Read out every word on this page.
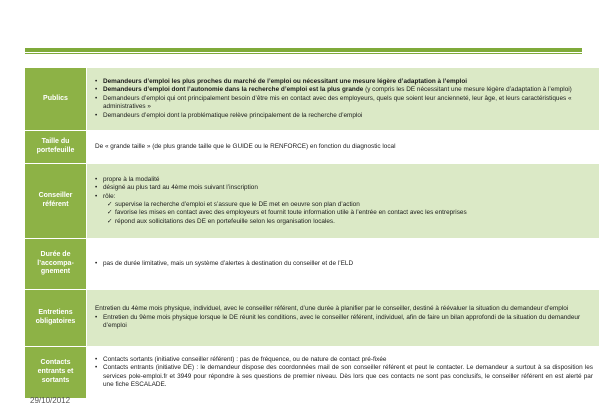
Publics
• Demandeurs d’emploi les plus proches du marché de l’emploi ou nécessitant une mesure légère d’adaptation à l’emploi
• Demandeurs d’emploi dont l’autonomie dans la recherche d’emploi est la plus grande (y compris les DE nécessitant une mesure légère d’adaptation à l’emploi)
• Demandeurs d’emploi qui ont principalement besoin d’être mis en contact avec des employeurs, quels que soient leur ancienneté, leur âge, et leurs caractéristiques « administratives »
• Demandeurs d’emploi dont la problématique relève principalement de la recherche d’emploi
Taille du portefeuille
De « grande taille » (de plus grande taille que le GUIDE ou le RENFORCE) en fonction du diagnostic local
Conseiller référent
• propre à la modalité
• désigné au plus tard au 4ème mois suivant l’inscription
• rôle:
✓ supervise la recherche d’emploi et s’assure que le DE met en oeuvre son plan d’action
✓ favorise les mises en contact avec des employeurs et fournit toute information utile à l’entrée en contact avec les entreprises
✓ répond aux sollicitations des DE en portefeuille selon les organisation locales.
Durée de l’accompa-gnement
• pas de durée limitative, mais un système d’alertes à destination du conseiller et de l’ELD
Entretiens obligatoires
Entretien du 4ème mois physique, individuel, avec le conseiller référent, d’une durée à planifier par le conseiller, destiné à réévaluer la situation du demandeur d’emploi
• Entretien du 9ème mois physique lorsque le DE réunit les conditions, avec le conseiller référent, individuel, afin de faire un bilan approfondi de la situation du demandeur d’emploi
Contacts entrants et sortants
• Contacts sortants (initiative conseiller référent) : pas de fréquence, ou de nature de contact pré-fixée
• Contacts entrants (initiative DE) : le demandeur dispose des coordonnées mail de son conseiller référent et peut le contacter. Le demandeur a surtout à sa disposition les services pole-emploi.fr et 3949 pour répondre à ses questions de premier niveau. Dès lors que ces contacts ne sont pas conclusifs, le conseiller référent en est alerté par une fiche ESCALADE.
29/10/2012
